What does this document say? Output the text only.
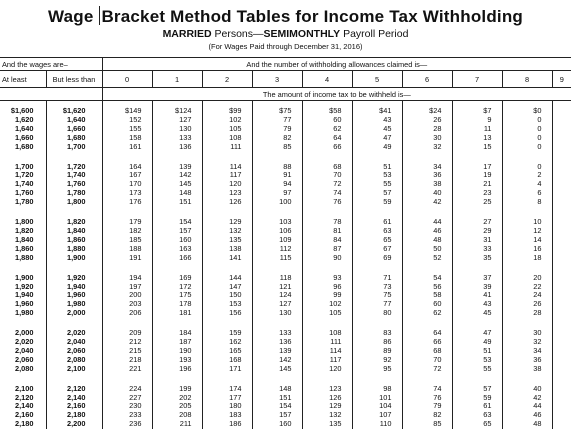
Wage Bracket Method Tables for Income Tax Withholding
MARRIED Persons—SEMIMONTHLY Payroll Period
(For Wages Paid through December 31, 2016)
And the wages are–		And the number of withholding allowances claimed is—									
At least	But less than	0	1	2	3	4	5	6	7	8	9
		The amount of income tax to be withheld is—									
$1,600	$1,620	$149	$124	$99	$75	$58	$41	$24	$7	$0	
1,620	1,640	152	127	102	77	60	43	26	9	0	
1,640	1,660	155	130	105	79	62	45	28	11	0	
1,660	1,680	158	133	108	82	64	47	30	13	0	
1,680	1,700	161	136	111	85	66	49	32	15	0	

1,700	1,720	164	139	114	88	68	51	34	17	0	
1,720	1,740	167	142	117	91	70	53	36	19	2	
1,740	1,760	170	145	120	94	72	55	38	21	4	
1,760	1,780	173	148	123	97	74	57	40	23	6	
1,780	1,800	176	151	126	100	76	59	42	25	8	

1,800	1,820	179	154	129	103	78	61	44	27	10	
1,820	1,840	182	157	132	106	81	63	46	29	12	
1,840	1,860	185	160	135	109	84	65	48	31	14	
1,860	1,880	188	163	138	112	87	67	50	33	16	
1,880	1,900	191	166	141	115	90	69	52	35	18	

1,900	1,920	194	169	144	118	93	71	54	37	20	
1,920	1,940	197	172	147	121	96	73	56	39	22	
1,940	1,960	200	175	150	124	99	75	58	41	24	
1,960	1,980	203	178	153	127	102	77	60	43	26	
1,980	2,000	206	181	156	130	105	80	62	45	28	

2,000	2,020	209	184	159	133	108	83	64	47	30	
2,020	2,040	212	187	162	136	111	86	66	49	32	
2,040	2,060	215	190	165	139	114	89	68	51	34	
2,060	2,080	218	193	168	142	117	92	70	53	36	
2,080	2,100	221	196	171	145	120	95	72	55	38	

2,100	2,120	224	199	174	148	123	98	74	57	40	
2,120	2,140	227	202	177	151	126	101	76	59	42	
2,140	2,160	230	205	180	154	129	104	79	61	44	
2,160	2,180	233	208	183	157	132	107	82	63	46	
2,180	2,200	236	211	186	160	135	110	85	65	48	
